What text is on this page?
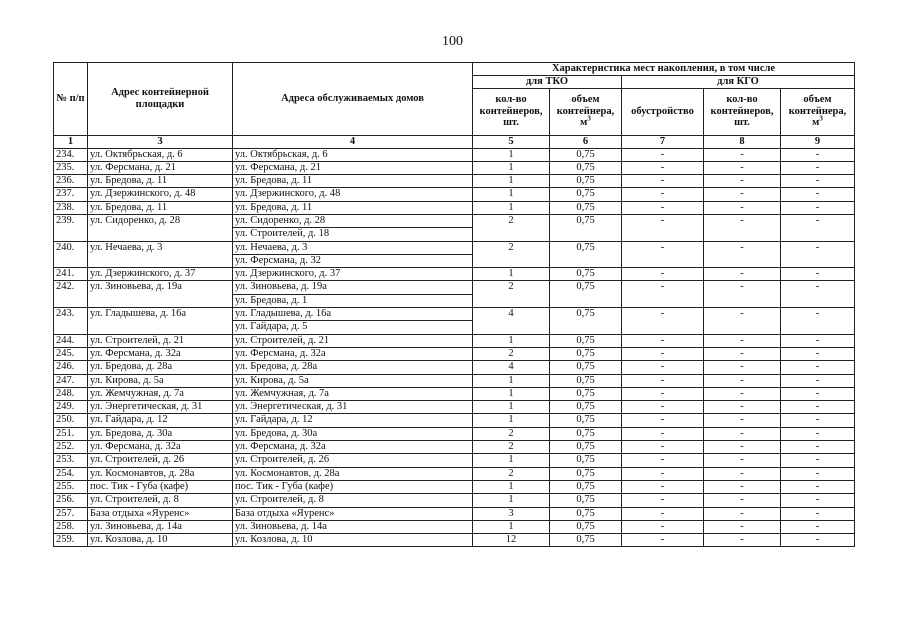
100
№ п/п	Адрес контейнерной площадки	Адреса обслуживаемых домов	Характеристика мест накопления, в том числе				
			для ТКО		для КГО		
			кол-во контейнеров, шт.	объем контейнера, $м^3$	обустройство	кол-во контейнеров, шт.	объем контейнера, $м^3$
1	3	4	5	6	7	8	9
234.	ул. Октябрьская, д. 6	ул. Октябрьская, д. 6	1	0,75	-	-	-
235.	ул. Ферсмана, д. 21	ул. Ферсмана, д. 21	1	0,75	-	-	-
236.	ул. Бредова, д. 11	ул. Бредова, д. 11	1	0,75	-	-	-
237.	ул. Дзержинского, д. 48	ул. Дзержинского, д. 48	1	0,75	-	-	-
238.	ул. Бредова, д. 11	ул. Бредова, д. 11	1	0,75	-	-	-
239.	ул. Сидоренко, д. 28	ул. Сидоренко, д. 28	2	0,75	-	-	-
		ул. Строителей, д. 18					
240.	ул. Нечаева, д. 3	ул. Нечаева, д. 3	2	0,75	-	-	-
		ул. Ферсмана, д. 32					
241.	ул. Дзержинского, д. 37	ул. Дзержинского, д. 37	1	0,75	-	-	-
242.	ул. Зиновьева, д. 19а	ул. Зиновьева, д. 19а	2	0,75	-	-	-
		ул. Бредова, д. 1					
243.	ул. Гладышева, д. 16а	ул. Гладышева, д. 16а	4	0,75	-	-	-
		ул. Гайдара, д. 5					
244.	ул. Строителей, д. 21	ул. Строителей, д. 21	1	0,75	-	-	-
245.	ул. Ферсмана, д. 32а	ул. Ферсмана, д. 32а	2	0,75	-	-	-
246.	ул. Бредова, д. 28а	ул. Бредова, д. 28а	4	0,75	-	-	-
247.	ул. Кирова, д. 5а	ул. Кирова, д. 5а	1	0,75	-	-	-
248.	ул. Жемчужная, д. 7а	ул. Жемчужная, д. 7а	1	0,75	-	-	-
249.	ул. Энергетическая, д. 31	ул. Энергетическая, д. 31	1	0,75	-	-	-
250.	ул. Гайдара, д. 12	ул. Гайдара, д. 12	1	0,75	-	-	-
251.	ул. Бредова, д. 30а	ул. Бредова, д. 30а	2	0,75	-	-	-
252.	ул. Ферсмана, д. 32а	ул. Ферсмана, д. 32а	2	0,75	-	-	-
253.	ул. Строителей, д. 26	ул. Строителей, д. 26	1	0,75	-	-	-
254.	ул. Космонавтов, д. 28а	ул. Космонавтов, д. 28а	2	0,75	-	-	-
255.	пос. Тик - Губа (кафе)	пос. Тик - Губа (кафе)	1	0,75	-	-	-
256.	ул. Строителей, д. 8	ул. Строителей, д. 8	1	0,75	-	-	-
257.	База отдыха «Яуренс»	База отдыха «Яуренс»	3	0,75	-	-	-
258.	ул. Зиновьева, д. 14а	ул. Зиновьева, д. 14а	1	0,75	-	-	-
259.	ул. Козлова, д. 10	ул. Козлова, д. 10	12	0,75	-	-	-
